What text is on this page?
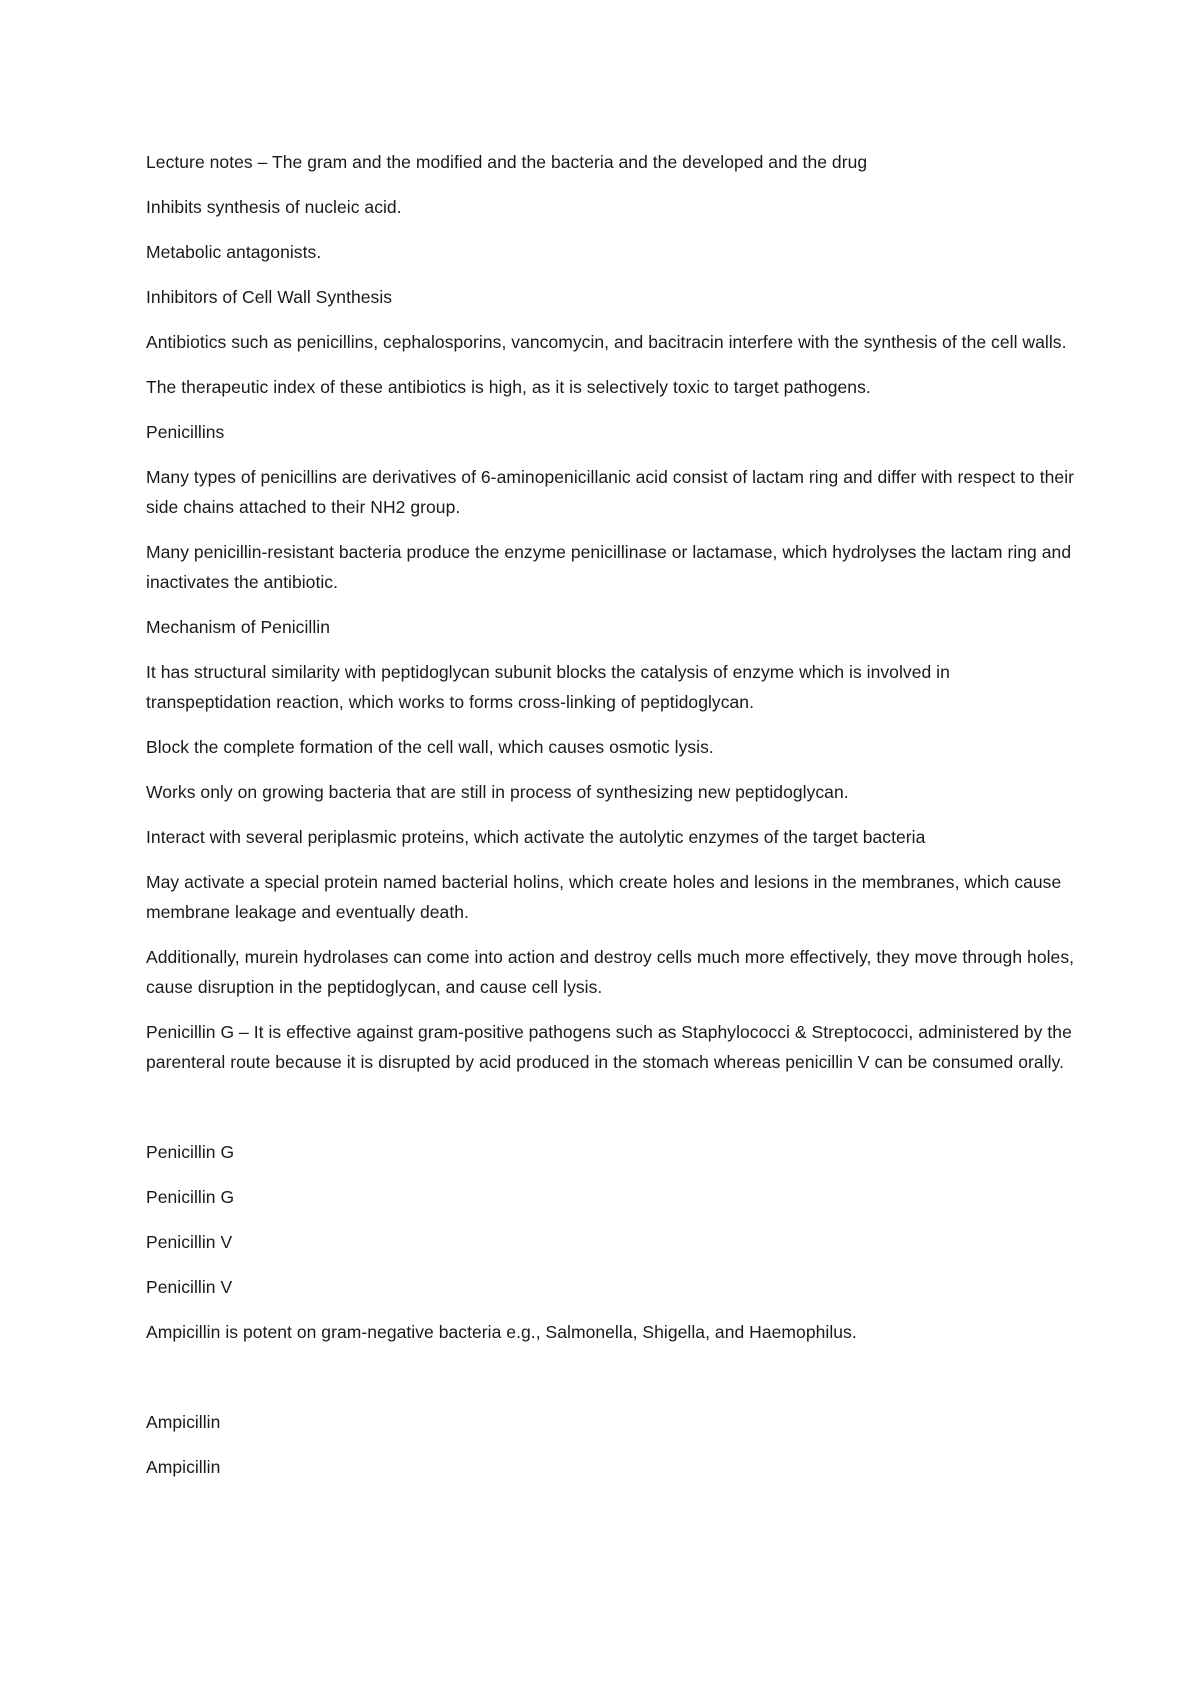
Lecture notes – The gram and the modified and the bacteria and the developed and the drug

Inhibits synthesis of nucleic acid.

Metabolic antagonists.

Inhibitors of Cell Wall Synthesis

Antibiotics such as penicillins, cephalosporins, vancomycin, and bacitracin interfere with the synthesis of the cell walls.

The therapeutic index of these antibiotics is high, as it is selectively toxic to target pathogens.

Penicillins

Many types of penicillins are derivatives of 6-aminopenicillanic acid consist of lactam ring and differ with respect to their side chains attached to their NH2 group.

Many penicillin-resistant bacteria produce the enzyme penicillinase or lactamase, which hydrolyses the lactam ring and inactivates the antibiotic.

Mechanism of Penicillin

It has structural similarity with peptidoglycan subunit blocks the catalysis of enzyme which is involved in transpeptidation reaction, which works to forms cross-linking of peptidoglycan.

Block the complete formation of the cell wall, which causes osmotic lysis.

Works only on growing bacteria that are still in process of synthesizing new peptidoglycan.

Interact with several periplasmic proteins, which activate the autolytic enzymes of the target bacteria

May activate a special protein named bacterial holins, which create holes and lesions in the membranes, which cause membrane leakage and eventually death.

Additionally, murein hydrolases can come into action and destroy cells much more effectively, they move through holes, cause disruption in the peptidoglycan, and cause cell lysis.

Penicillin G – It is effective against gram-positive pathogens such as Staphylococci & Streptococci, administered by the parenteral route because it is disrupted by acid produced in the stomach whereas penicillin V can be consumed orally.

Penicillin G

Penicillin G

Penicillin V

Penicillin V

Ampicillin is potent on gram-negative bacteria e.g., Salmonella, Shigella, and Haemophilus.

Ampicillin

Ampicillin
